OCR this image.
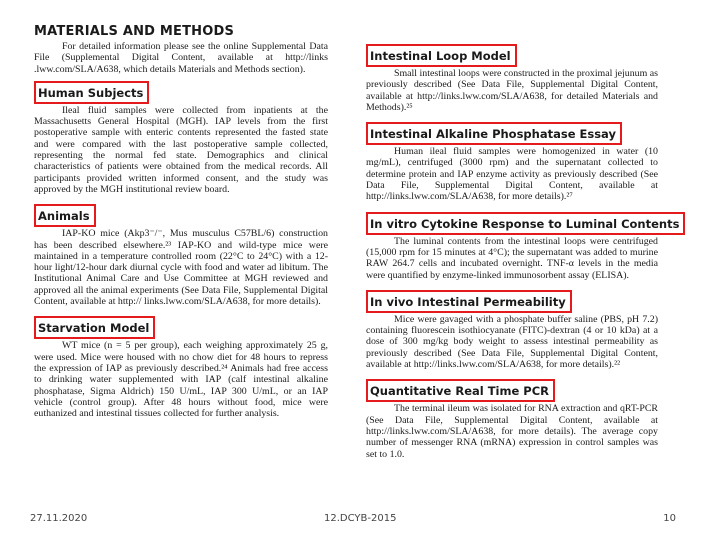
MATERIALS AND METHODS

For detailed information please see the online Supplemental Data File (Supplemental Digital Content, available at http://links .lww.com/SLA/A638, which details Materials and Methods section).

Human Subjects

Ileal fluid samples were collected from inpatients at the Massachusetts General Hospital (MGH). IAP levels from the first postoperative sample with enteric contents represented the fasted state and were compared with the last postoperative sample collected, representing the normal fed state. Demographics and clinical characteristics of patients were obtained from the medical records. All participants provided written informed consent, and the study was approved by the MGH institutional review board.

Animals

IAP-KO mice (Akp3⁻/⁻, Mus musculus C57BL/6) construction has been described elsewhere.²³ IAP-KO and wild-type mice were maintained in a temperature controlled room (22°C to 24°C) with a 12-hour light/12-hour dark diurnal cycle with food and water ad libitum. The Institutional Animal Care and Use Committee at MGH reviewed and approved all the animal experiments (See Data File, Supplemental Digital Content, available at http:// links.lww.com/SLA/A638, for more details).

Starvation Model

WT mice (n = 5 per group), each weighing approximately 25 g, were used. Mice were housed with no chow diet for 48 hours to repress the expression of IAP as previously described.²⁴ Animals had free access to drinking water supplemented with IAP (calf intestinal alkaline phosphatase, Sigma Aldrich) 150 U/mL, IAP 300 U/mL, or an IAP vehicle (control group). After 48 hours without food, mice were euthanized and intestinal tissues collected for further analysis.

Intestinal Loop Model

Small intestinal loops were constructed in the proximal jejunum as previously described (See Data File, Supplemental Digital Content, available at http://links.lww.com/SLA/A638, for detailed Materials and Methods).²⁵

Intestinal Alkaline Phosphatase Essay

Human ileal fluid samples were homogenized in water (10 mg/mL), centrifuged (3000 rpm) and the supernatant collected to determine protein and IAP enzyme activity as previously described (See Data File, Supplemental Digital Content, available at http://links.lww.com/SLA/A638, for more details).²⁷

In vitro Cytokine Response to Luminal Contents

The luminal contents from the intestinal loops were centrifuged (15,000 rpm for 15 minutes at 4°C); the supernatant was added to murine RAW 264.7 cells and incubated overnight. TNF-α levels in the media were quantified by enzyme-linked immunosorbent assay (ELISA).

In vivo Intestinal Permeability

Mice were gavaged with a phosphate buffer saline (PBS, pH 7.2) containing fluorescein isothiocyanate (FITC)-dextran (4 or 10 kDa) at a dose of 300 mg/kg body weight to assess intestinal permeability as previously described (See Data File, Supplemental Digital Content, available at http://links.lww.com/SLA/A638, for more details).²²

Quantitative Real Time PCR

The terminal ileum was isolated for RNA extraction and qRT-PCR (See Data File, Supplemental Digital Content, available at http://links.lww.com/SLA/A638, for more details). The average copy number of messenger RNA (mRNA) expression in control samples was set to 1.0.

27.11.2020	12.DCYB-2015	10
